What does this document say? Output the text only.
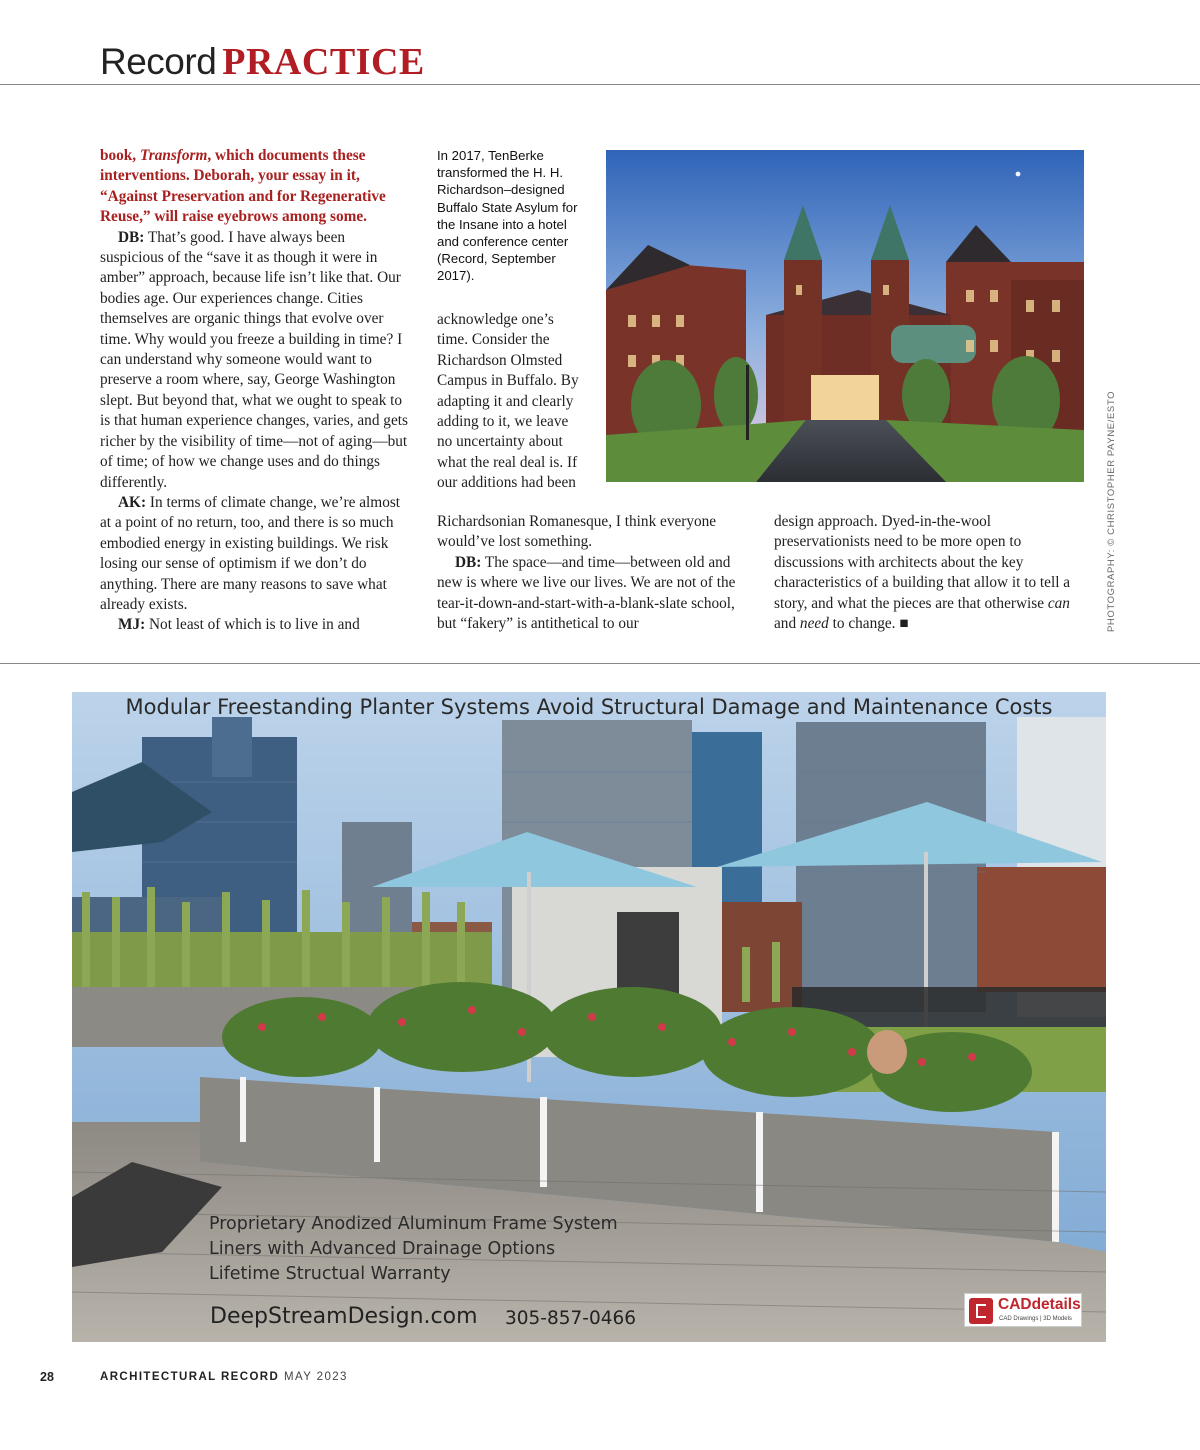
Record PRACTICE

book, Transform, which documents these interventions. Deborah, your essay in it, “Against Preservation and for Regenerative Reuse,” will raise eyebrows among some.

DB: That’s good. I have always been suspicious of the “save it as though it were in amber” approach, because life isn’t like that. Our bodies age. Our experiences change. Cities themselves are organic things that evolve over time. Why would you freeze a building in time? I can understand why someone would want to preserve a room where, say, George Washington slept. But beyond that, what we ought to speak to is that human experience changes, varies, and gets richer by the visibility of time—not of aging—but of time; of how we change uses and do things differently.

AK: In terms of climate change, we’re almost at a point of no return, too, and there is so much embodied energy in existing buildings. We risk losing our sense of optimism if we don’t do anything. There are many reasons to save what already exists.

MJ: Not least of which is to live in and

In 2017, TenBerke transformed the H. H. Richardson–designed Buffalo State Asylum for the Insane into a hotel and conference center (Record, September 2017).

acknowledge one’s time. Consider the Richardson Olmsted Campus in Buffalo. By adapting it and clearly adding to it, we leave no uncertainty about what the real deal is. If our additions had been

Richardsonian Romanesque, I think everyone would’ve lost something.

DB: The space—and time—between old and new is where we live our lives. We are not of the tear-it-down-and-start-with-a-blank-slate school, but “fakery” is antithetical to our

design approach. Dyed-in-the-wool preservationists need to be more open to discussions with architects about the key characteristics of a building that allow it to tell a story, and what the pieces are that otherwise can and need to change. ■	PHOTOGRAPHY: © CHRISTOPHER PAYNE/ESTO
Modular Freestanding Planter Systems Avoid Structural Damage and Maintenance Costs
Proprietary Anodized Aluminum Frame System
Liners with Advanced Drainage Options
Lifetime Structual Warranty
DeepStreamDesign.com 305-857-0466
CADdetails
CAD Drawings | 3D Models
28	ARCHITECTURAL RECORD MAY 2023
